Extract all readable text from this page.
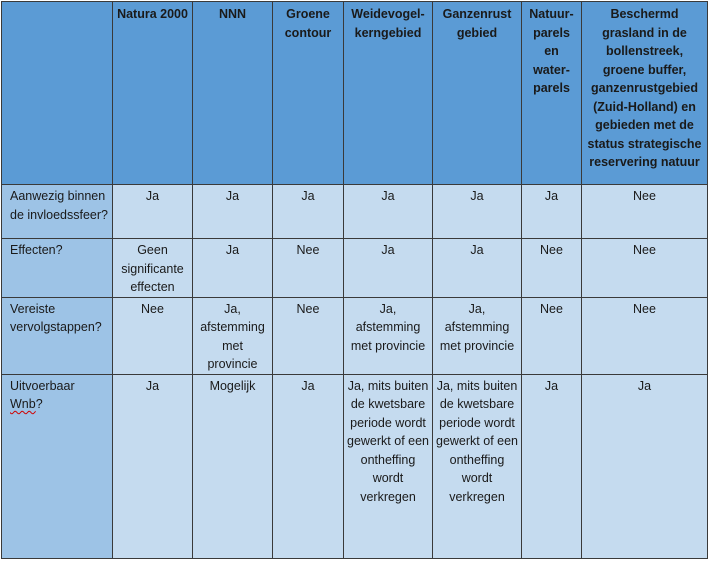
	Natura 2000	NNN	Groene contour	Weidevogel-kerngebied	Ganzenrust gebied	Natuur-parels en water-parels	Beschermd grasland in de bollenstreek, groene buffer, ganzenrustgebied (Zuid-Holland) en gebieden met de status strategische reservering natuur
Aanwezig binnen de invloedssfeer?	Ja	Ja	Ja	Ja	Ja	Ja	Nee
Effecten?	Geen significante effecten	Ja	Nee	Ja	Ja	Nee	Nee
Vereiste vervolgstappen?	Nee	Ja, afstemming met provincie	Nee	Ja, afstemming met provincie	Ja, afstemming met provincie	Nee	Nee
Uitvoerbaar Wnb?	Ja	Mogelijk	Ja	Ja, mits buiten de kwetsbare periode wordt gewerkt of een ontheffing wordt verkregen	Ja, mits buiten de kwetsbare periode wordt gewerkt of een ontheffing wordt verkregen	Ja	Ja
